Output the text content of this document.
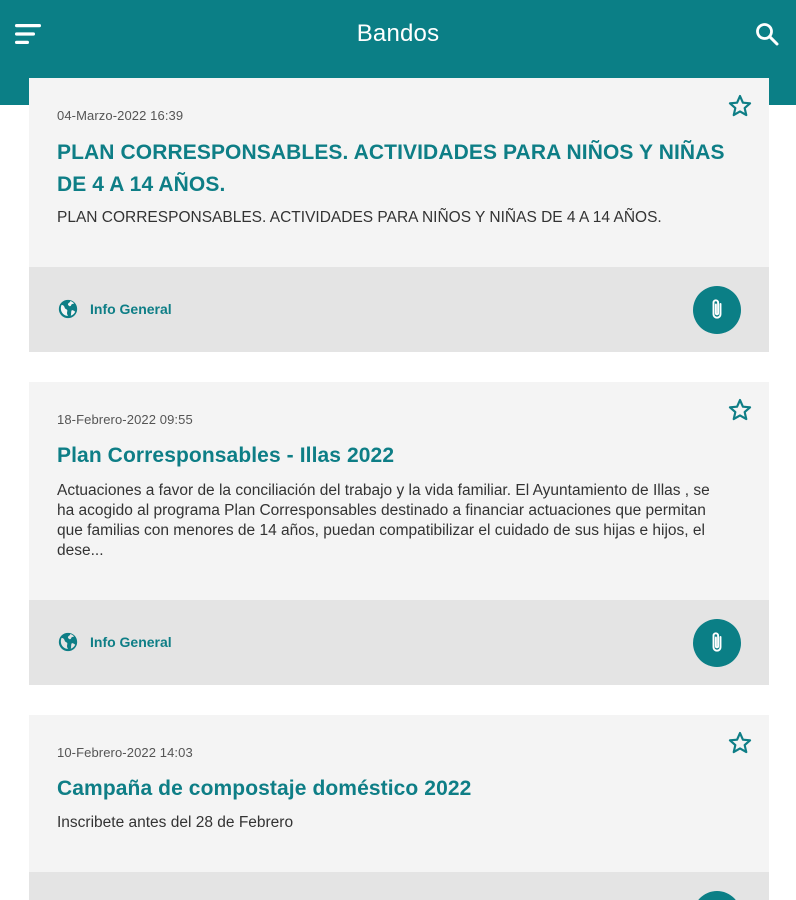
Bandos
04-Marzo-2022 16:39
PLAN CORRESPONSABLES. ACTIVIDADES PARA NIÑOS Y NIÑAS DE 4 A 14 AÑOS.
PLAN CORRESPONSABLES. ACTIVIDADES PARA NIÑOS Y NIÑAS DE 4 A 14 AÑOS.
Info General
18-Febrero-2022 09:55
Plan Corresponsables - Illas 2022
Actuaciones a favor de la conciliación del trabajo y la vida familiar. El Ayuntamiento de Illas , se ha acogido al programa Plan Corresponsables destinado a financiar actuaciones que permitan que familias con menores de 14 años, puedan compatibilizar el cuidado de sus hijas e hijos, el dese...
Info General
10-Febrero-2022 14:03
Campaña de compostaje doméstico 2022
Inscribete antes del 28 de Febrero
